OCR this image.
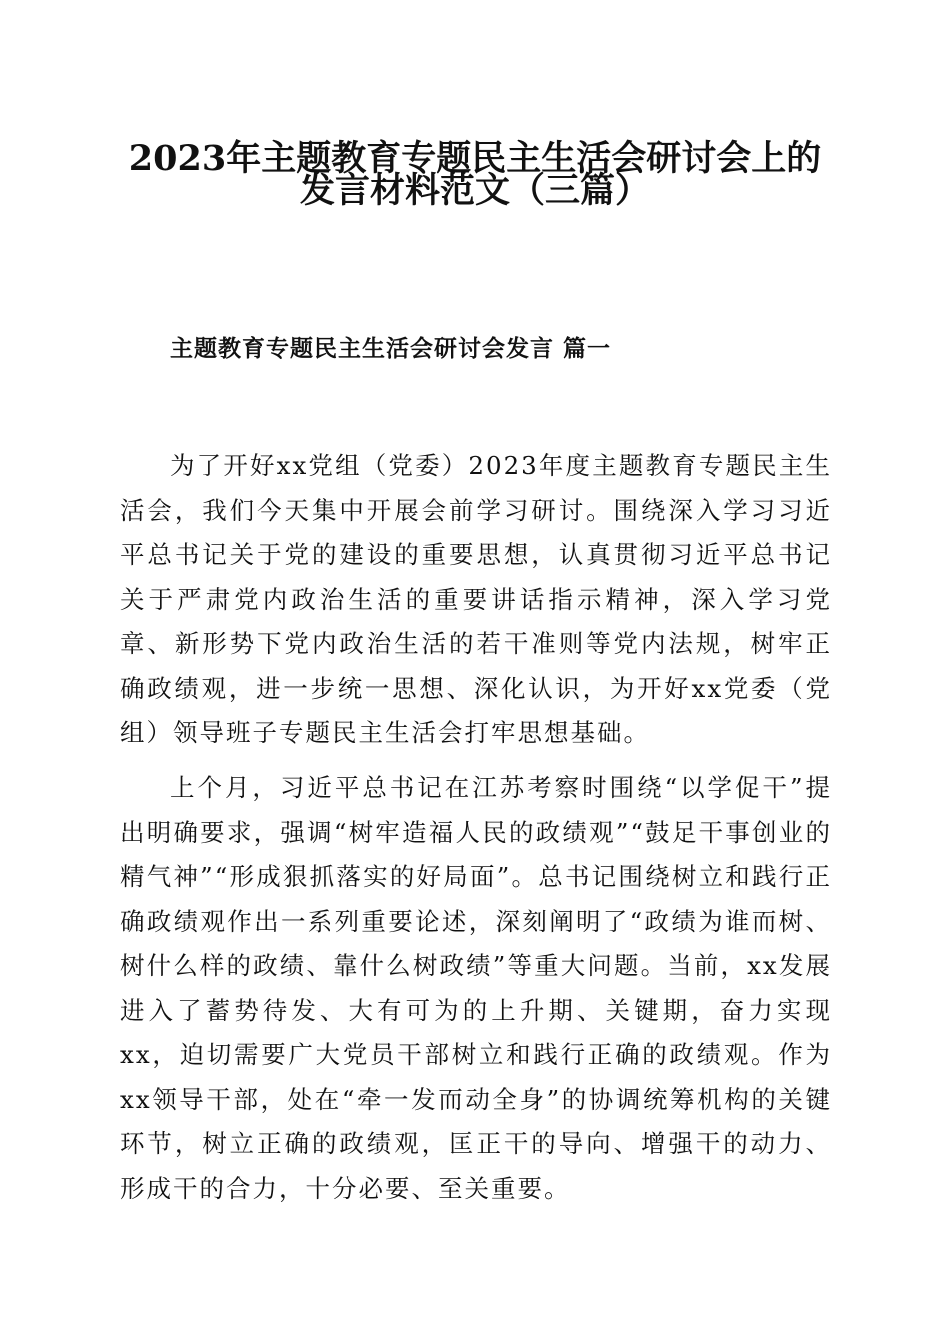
2023年主题教育专题民主生活会研讨会上的
发言材料范文（三篇）
主题教育专题民主生活会研讨会发言 篇一

为了开好xx党组（党委）2023年度主题教育专题民主生活会，我们今天集中开展会前学习研讨。围绕深入学习习近平总书记关于党的建设的重要思想，认真贯彻习近平总书记关于严肃党内政治生活的重要讲话指示精神，深入学习党章、新形势下党内政治生活的若干准则等党内法规，树牢正确政绩观，进一步统一思想、深化认识，为开好xx党委（党组）领导班子专题民主生活会打牢思想基础。

上个月，习近平总书记在江苏考察时围绕“以学促干”提出明确要求，强调“树牢造福人民的政绩观”“鼓足干事创业的精气神”“形成狠抓落实的好局面”。总书记围绕树立和践行正确政绩观作出一系列重要论述，深刻阐明了“政绩为谁而树、树什么样的政绩、靠什么树政绩”等重大问题。当前，xx发展进入了蓄势待发、大有可为的上升期、关键期，奋力实现xx，迫切需要广大党员干部树立和践行正确的政绩观。作为xx领导干部，处在“牵一发而动全身”的协调统筹机构的关键环节，树立正确的政绩观，匡正干的导向、增强干的动力、形成干的合力，十分必要、至关重要。
